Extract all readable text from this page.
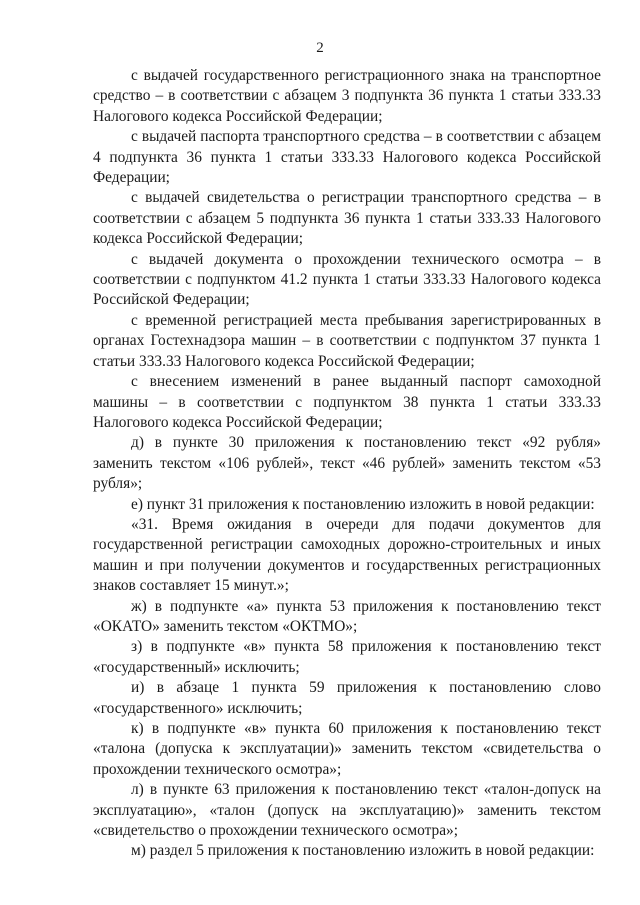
2

с выдачей государственного регистрационного знака на транспортное средство – в соответствии с абзацем 3 подпункта 36 пункта 1 статьи 333.33 Налогового кодекса Российской Федерации;

с выдачей паспорта транспортного средства – в соответствии с абзацем 4 подпункта 36 пункта 1 статьи 333.33 Налогового кодекса Российской Федерации;

с выдачей свидетельства о регистрации транспортного средства – в соответствии с абзацем 5 подпункта 36 пункта 1 статьи 333.33 Налогового кодекса Российской Федерации;

с выдачей документа о прохождении технического осмотра – в соответствии с подпунктом 41.2 пункта 1 статьи 333.33 Налогового кодекса Российской Федерации;

с временной регистрацией места пребывания зарегистрированных в органах Гостехнадзора машин – в соответствии с подпунктом 37 пункта 1 статьи 333.33 Налогового кодекса Российской Федерации;

с внесением изменений в ранее выданный паспорт самоходной машины – в соответствии с подпунктом 38 пункта 1 статьи 333.33 Налогового кодекса Российской Федерации;

д) в пункте 30 приложения к постановлению текст «92 рубля» заменить текстом «106 рублей», текст «46 рублей» заменить текстом «53 рубля»;

е) пункт 31 приложения к постановлению изложить в новой редакции:

«31. Время ожидания в очереди для подачи документов для государственной регистрации самоходных дорожно-строительных и иных машин и при получении документов и государственных регистрационных знаков составляет 15 минут.»;

ж) в подпункте «а» пункта 53 приложения к постановлению текст «ОКАТО» заменить текстом «ОКТМО»;

з) в подпункте «в» пункта 58 приложения к постановлению текст «государственный» исключить;

и) в абзаце 1 пункта 59 приложения к постановлению слово «государственного» исключить;

к) в подпункте «в» пункта 60 приложения к постановлению текст «талона (допуска к эксплуатации)» заменить текстом «свидетельства о прохождении технического осмотра»;

л) в пункте 63 приложения к постановлению текст «талон-допуск на эксплуатацию», «талон (допуск на эксплуатацию)» заменить текстом «свидетельство о прохождении технического осмотра»;

м) раздел 5 приложения к постановлению изложить в новой редакции:
